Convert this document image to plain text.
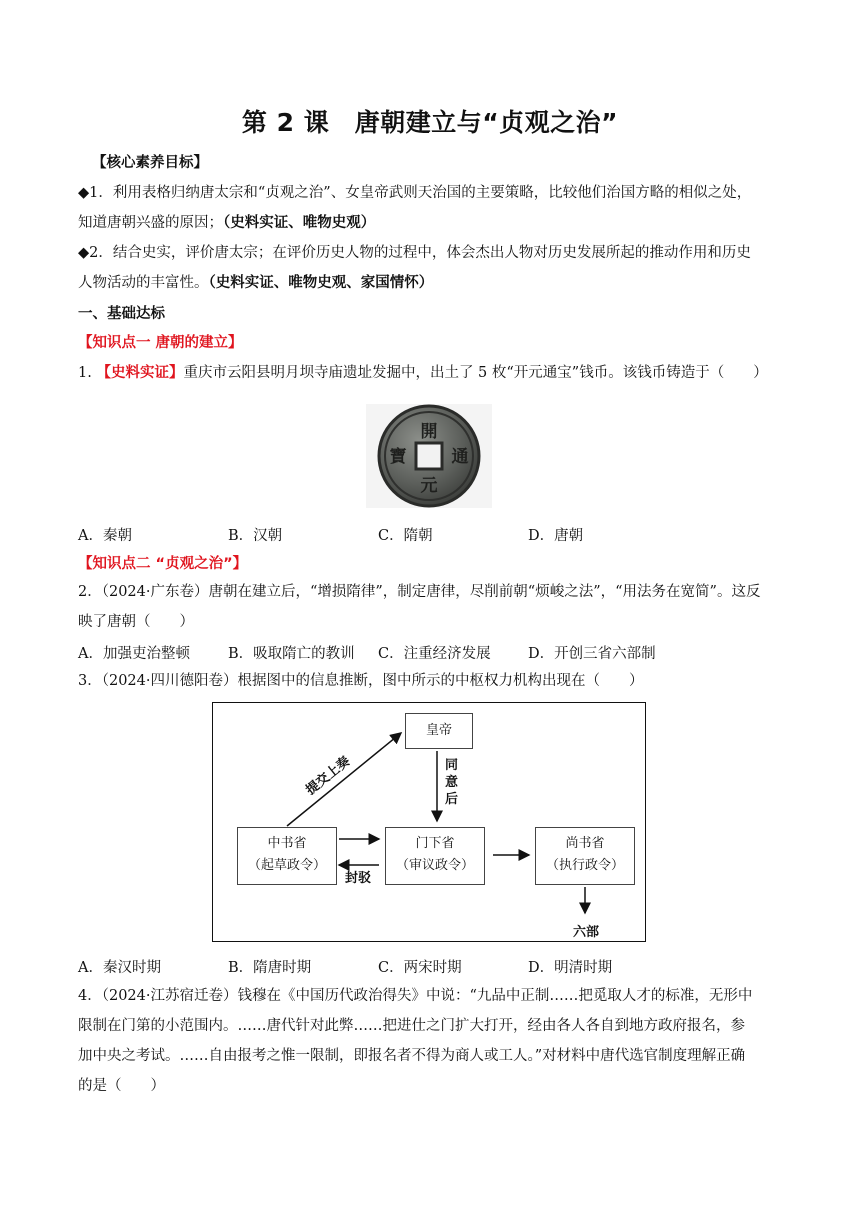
第 2 课　唐朝建立与“贞观之治”
【核心素养目标】
◆1．利用表格归纳唐太宗和“贞观之治”、女皇帝武则天治国的主要策略，比较他们治国方略的相似之处，
知道唐朝兴盛的原因；（史料实证、唯物史观）
◆2．结合史实，评价唐太宗；在评价历史人物的过程中，体会杰出人物对历史发展所起的推动作用和历史
人物活动的丰富性。（史料实证、唯物史观、家国情怀）
一、基础达标
【知识点一 唐朝的建立】
1. 【史料实证】重庆市云阳县明月坝寺庙遗址发掘中，出土了 5 枚“开元通宝”钱币。该钱币铸造于（　　）
開
元
通
寶
A．秦朝	B．汉朝	C．隋朝	D．唐朝
【知识点二 “贞观之治”】
2．（2024·广东卷）唐朝在建立后，“增损隋律”，制定唐律，尽削前朝“烦峻之法”，“用法务在宽简”。这反
映了唐朝（　　）
A．加强吏治整顿	B．吸取隋亡的教训	C．注重经济发展	D．开创三省六部制
3．（2024·四川德阳卷）根据图中的信息推断，图中所示的中枢权力机构出现在（　　）
皇帝
中书省
（起草政令）
门下省
（审议政令）
尚书省
（执行政令）
提交上奏	同
意
后
封驳
六部
A．秦汉时期	B．隋唐时期	C．两宋时期	D．明清时期
4．（2024·江苏宿迁卷）钱穆在《中国历代政治得失》中说：“九品中正制……把觅取人才的标准，无形中
限制在门第的小范围内。……唐代针对此弊……把进仕之门扩大打开，经由各人各自到地方政府报名，参
加中央之考试。……自由报考之惟一限制，即报名者不得为商人或工人。”对材料中唐代选官制度理解正确
的是（　　）
